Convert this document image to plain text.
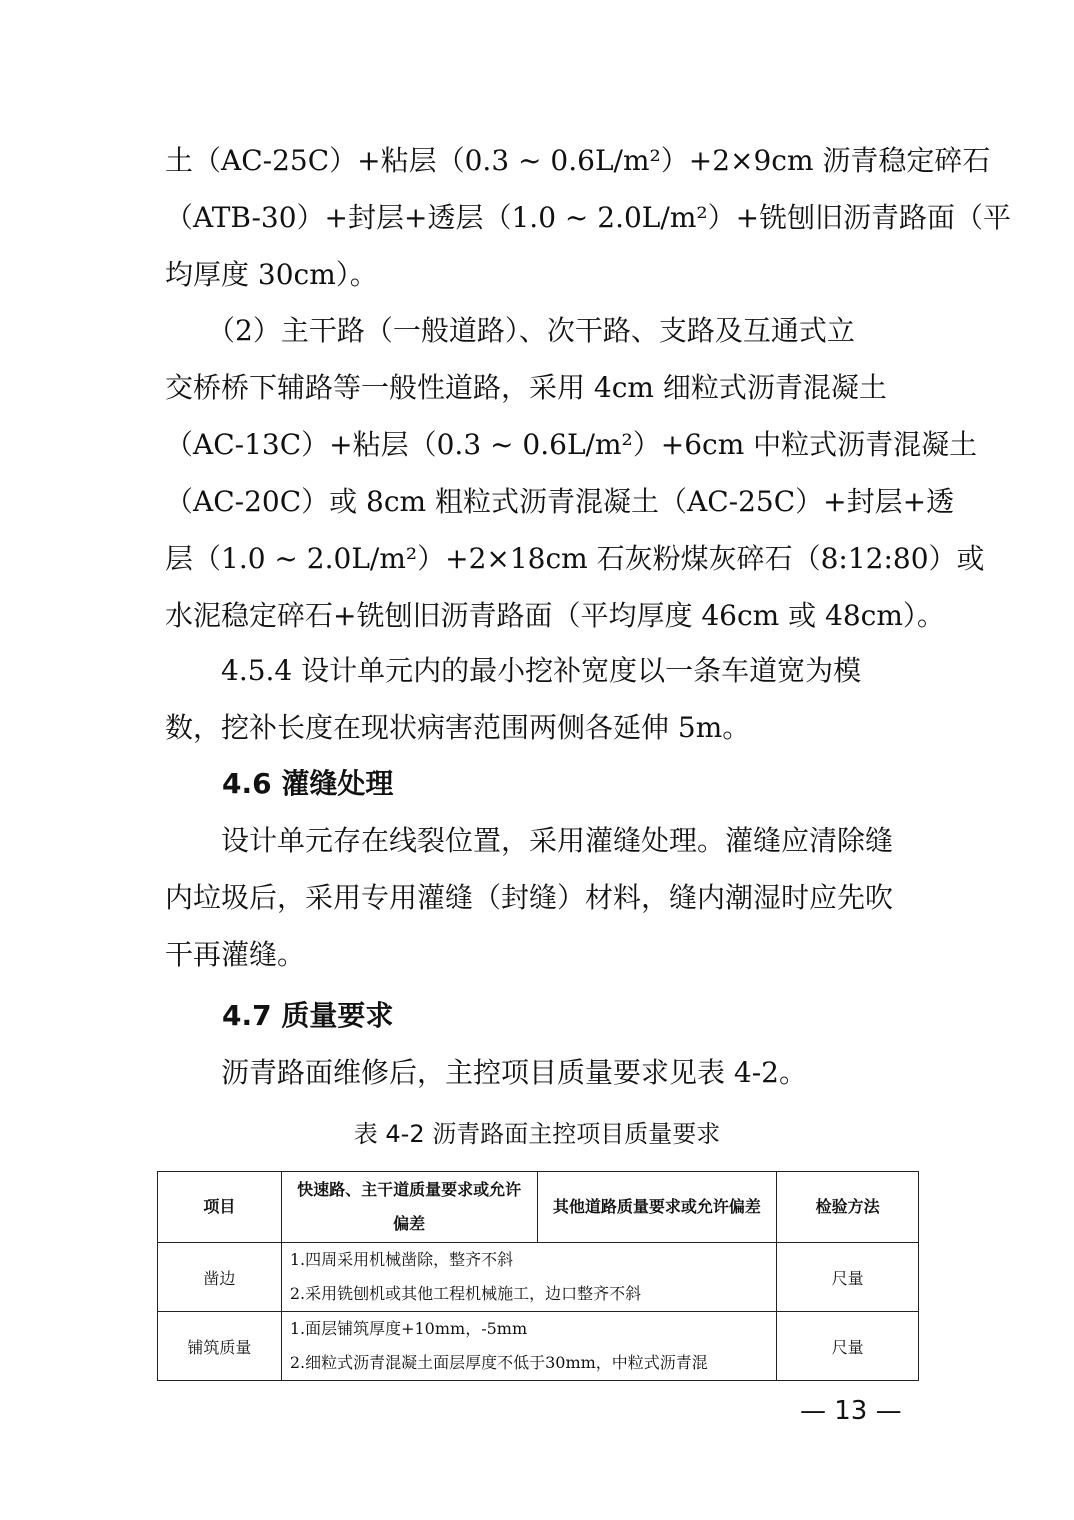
土（AC-25C）+粘层（0.3 ~ 0.6L/m²）+2×9cm 沥青稳定碎石
（ATB-30）+封层+透层（1.0 ~ 2.0L/m²）+铣刨旧沥青路面（平
均厚度 30cm）。
　　（2）主干路（一般道路）、次干路、支路及互通式立
交桥桥下辅路等一般性道路，采用 4cm 细粒式沥青混凝土
（AC-13C）+粘层（0.3 ~ 0.6L/m²）+6cm 中粒式沥青混凝土
（AC-20C）或 8cm 粗粒式沥青混凝土（AC-25C）+封层+透
层（1.0 ~ 2.0L/m²）+2×18cm 石灰粉煤灰碎石（8:12:80）或
水泥稳定碎石+铣刨旧沥青路面（平均厚度 46cm 或 48cm）。
　　4.5.4 设计单元内的最小挖补宽度以一条车道宽为模
数，挖补长度在现状病害范围两侧各延伸 5m。
4.6 灌缝处理
　　设计单元存在线裂位置，采用灌缝处理。灌缝应清除缝
内垃圾后，采用专用灌缝（封缝）材料，缝内潮湿时应先吹
干再灌缝。
4.7 质量要求
　　沥青路面维修后，主控项目质量要求见表 4-2。
表 4-2 沥青路面主控项目质量要求
项目	快速路、主干道质量要求或允许偏差	其他道路质量要求或允许偏差	检验方法
凿边	1.四周采用机械凿除，整齐不斜
2.采用铣刨机或其他工程机械施工，边口整齐不斜		尺量
铺筑质量	1.面层铺筑厚度+10mm，-5mm
2.细粒式沥青混凝土面层厚度不低于30mm，中粒式沥青混		尺量
— 13 —
